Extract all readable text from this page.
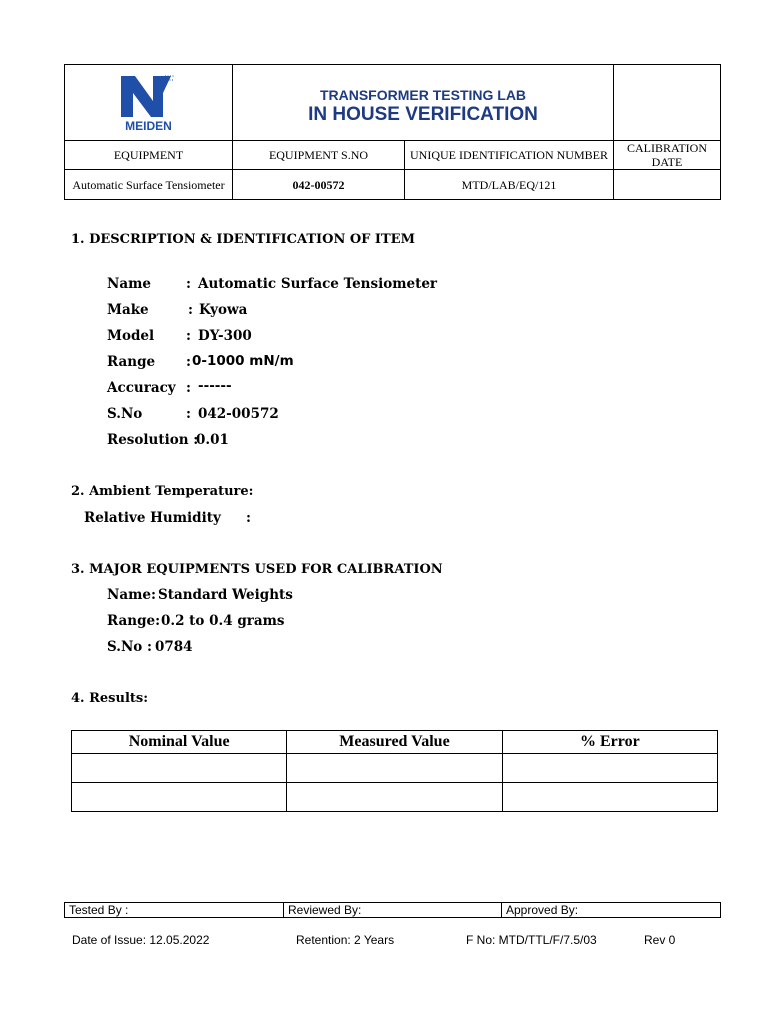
MEIDEN	TRANSFORMER TESTING LAB
IN HOUSE VERIFICATION		

EQUIPMENT	EQUIPMENT S.NO	UNIQUE IDENTIFICATION NUMBER	CALIBRATION DATE
Automatic Surface Tensiometer	042-00572	MTD/LAB/EQ/121	
1. DESCRIPTION & IDENTIFICATION OF ITEM
Name	: Automatic Surface Tensiometer
Make	: Kyowa
Model : DY-300
Range : 0-1000 mN/m
Accuracy : ------
S.No	: 042-00572
Resolution :
0.01
2. Ambient Temperature:
Relative Humidity :
3. MAJOR EQUIPMENTS USED FOR CALIBRATION
Name: Standard Weights
Range: 0.2 to 0.4 grams
S.No : 0784
4. Results:
Nominal Value	Measured Value	% Error

Tested By :	Reviewed By:	Approved By:
Date of Issue: 12.05.2022	Retention: 2 Years	F No: MTD/TTL/F/7.5/03	Rev 0
